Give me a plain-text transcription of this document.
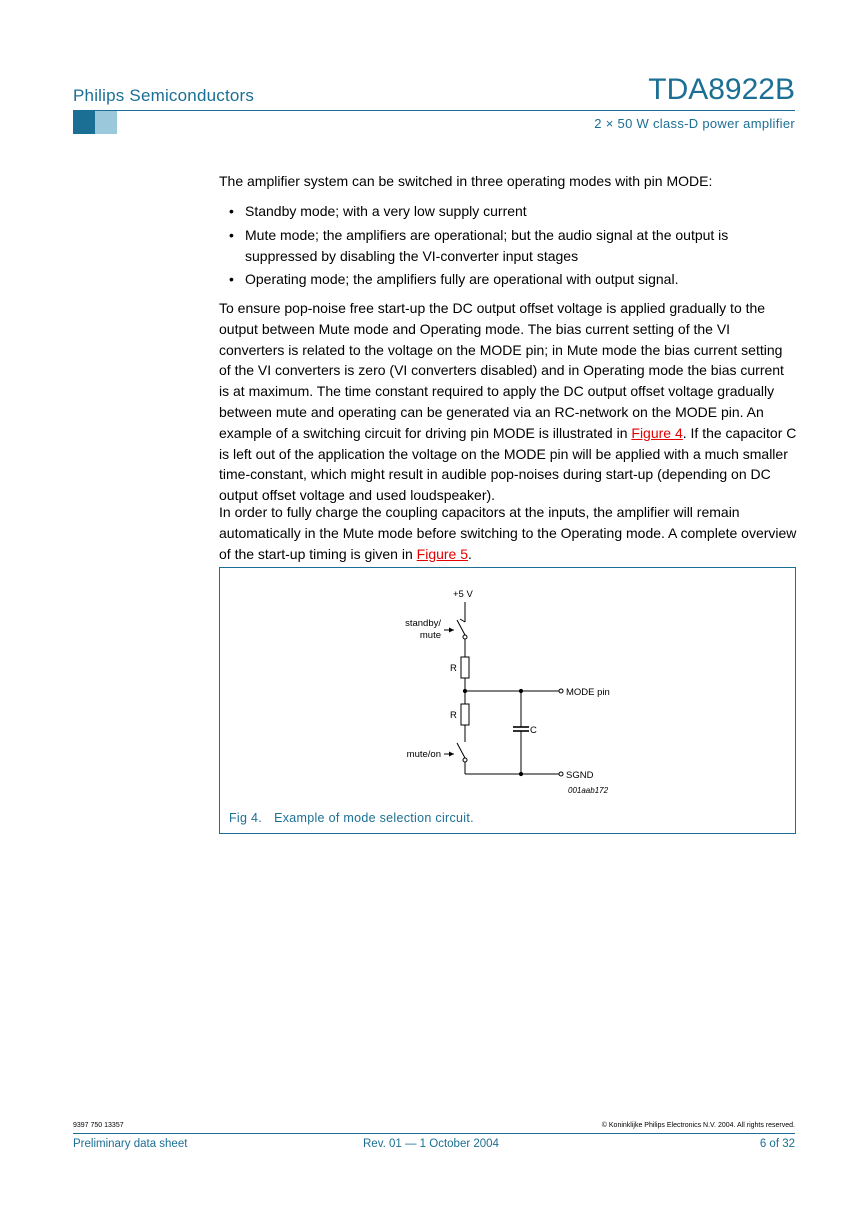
Philips Semiconductors	TDA8922B
2 × 50 W class-D power amplifier

The amplifier system can be switched in three operating modes with pin MODE:

• Standby mode; with a very low supply current
• Mute mode; the amplifiers are operational; but the audio signal at the output is suppressed by disabling the VI-converter input stages
• Operating mode; the amplifiers fully are operational with output signal.

To ensure pop-noise free start-up the DC output offset voltage is applied gradually to the output between Mute mode and Operating mode. The bias current setting of the VI converters is related to the voltage on the MODE pin; in Mute mode the bias current setting of the VI converters is zero (VI converters disabled) and in Operating mode the bias current is at maximum. The time constant required to apply the DC output offset voltage gradually between mute and operating can be generated via an RC-network on the MODE pin. An example of a switching circuit for driving pin MODE is illustrated in Figure 4. If the capacitor C is left out of the application the voltage on the MODE pin will be applied with a much smaller time-constant, which might result in audible pop-noises during start-up (depending on DC output offset voltage and used loudspeaker).

In order to fully charge the coupling capacitors at the inputs, the amplifier will remain automatically in the Mute mode before switching to the Operating mode. A complete overview of the start-up timing is given in Figure 5.

+5 V
standby/
mute
R
R
MODE pin
C
mute/on
SGND
001aab172
Fig 4. Example of mode selection circuit.
9397 750 13357	© Koninklijke Philips Electronics N.V. 2004. All rights reserved.
Preliminary data sheet	Rev. 01 — 1 October 2004	6 of 32
